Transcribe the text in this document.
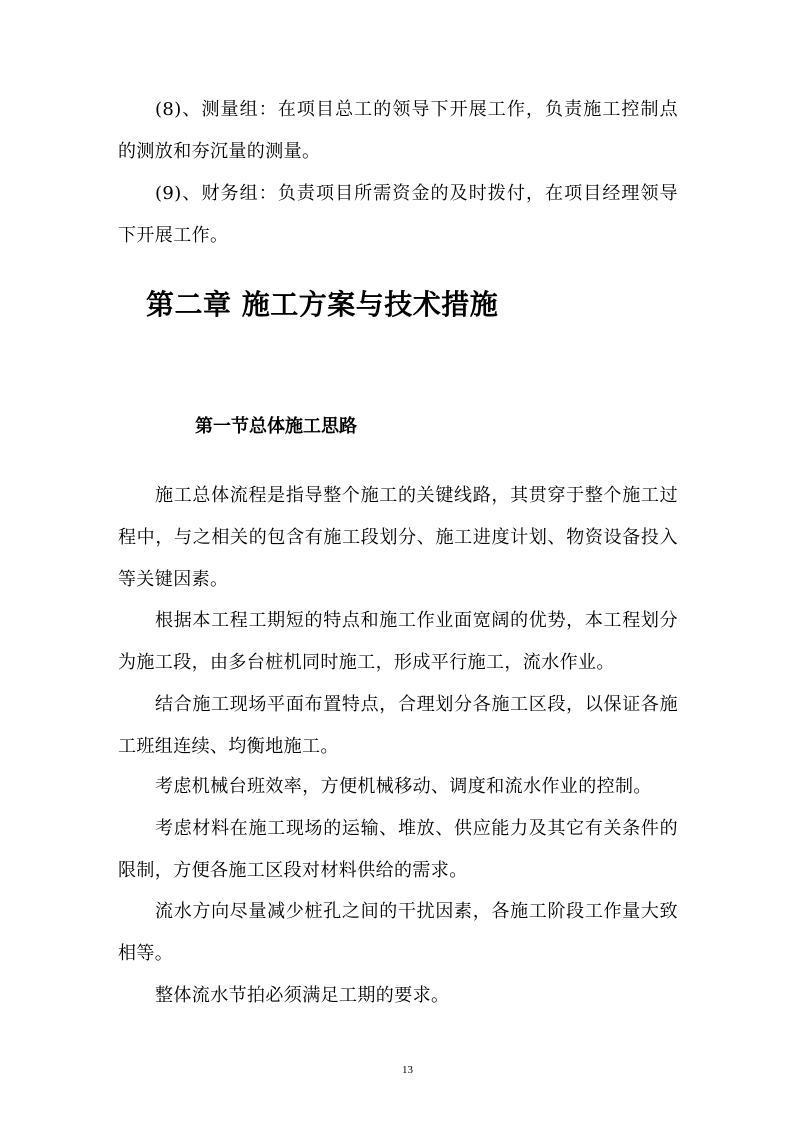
(8)、测量组：在项目总工的领导下开展工作，负责施工控制点的测放和夯沉量的测量。

(9)、财务组：负责项目所需资金的及时拨付，在项目经理领导下开展工作。

第二章 施工方案与技术措施
第一节总体施工思路

施工总体流程是指导整个施工的关键线路，其贯穿于整个施工过程中，与之相关的包含有施工段划分、施工进度计划、物资设备投入等关键因素。

根据本工程工期短的特点和施工作业面宽阔的优势，本工程划分为施工段，由多台桩机同时施工，形成平行施工，流水作业。

结合施工现场平面布置特点，合理划分各施工区段，以保证各施工班组连续、均衡地施工。

考虑机械台班效率，方便机械移动、调度和流水作业的控制。

考虑材料在施工现场的运输、堆放、供应能力及其它有关条件的限制，方便各施工区段对材料供给的需求。

流水方向尽量减少桩孔之间的干扰因素，各施工阶段工作量大致相等。

整体流水节拍必须满足工期的要求。

13
